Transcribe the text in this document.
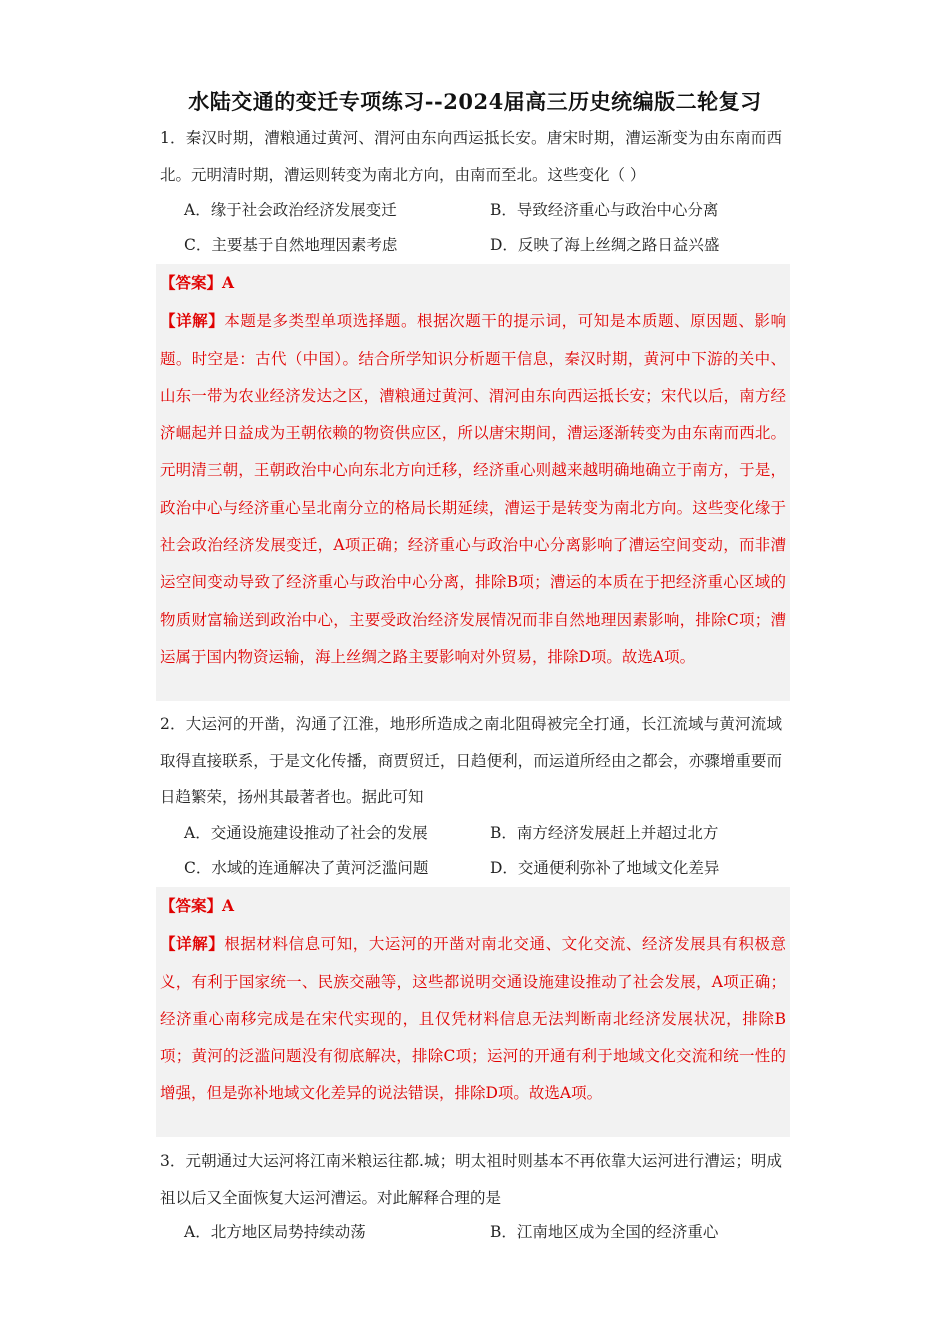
水陆交通的变迁专项练习--2024届高三历史统编版二轮复习
1．秦汉时期，漕粮通过黄河、渭河由东向西运抵长安。唐宋时期，漕运渐变为由东南而西北。元明清时期，漕运则转变为南北方向，由南而至北。这些变化（ ）
A．缘于社会政治经济发展变迁	B．导致经济重心与政治中心分离
C．主要基于自然地理因素考虑	D．反映了海上丝绸之路日益兴盛
【答案】A
【详解】本题是多类型单项选择题。根据次题干的提示词，可知是本质题、原因题、影响题。时空是：古代（中国）。结合所学知识分析题干信息，秦汉时期，黄河中下游的关中、山东一带为农业经济发达之区，漕粮通过黄河、渭河由东向西运抵长安；宋代以后，南方经济崛起并日益成为王朝依赖的物资供应区，所以唐宋期间，漕运逐渐转变为由东南而西北。元明清三朝，王朝政治中心向东北方向迁移，经济重心则越来越明确地确立于南方，于是，政治中心与经济重心呈北南分立的格局长期延续，漕运于是转变为南北方向。这些变化缘于社会政治经济发展变迁，A项正确；经济重心与政治中心分离影响了漕运空间变动，而非漕运空间变动导致了经济重心与政治中心分离，排除B项；漕运的本质在于把经济重心区域的物质财富输送到政治中心，主要受政治经济发展情况而非自然地理因素影响，排除C项；漕运属于国内物资运输，海上丝绸之路主要影响对外贸易，排除D项。故选A项。
2．大运河的开凿，沟通了江淮，地形所造成之南北阻碍被完全打通，长江流域与黄河流域取得直接联系，于是文化传播，商贾贸迁，日趋便利，而运道所经由之都会，亦骤增重要而日趋繁荣，扬州其最著者也。据此可知
A．交通设施建设推动了社会的发展	B．南方经济发展赶上并超过北方
C．水域的连通解决了黄河泛滥问题	D．交通便利弥补了地域文化差异
【答案】A
【详解】根据材料信息可知，大运河的开凿对南北交通、文化交流、经济发展具有积极意义，有利于国家统一、民族交融等，这些都说明交通设施建设推动了社会发展，A项正确；经济重心南移完成是在宋代实现的，且仅凭材料信息无法判断南北经济发展状况，排除B项；黄河的泛滥问题没有彻底解决，排除C项；运河的开通有利于地域文化交流和统一性的增强，但是弥补地域文化差异的说法错误，排除D项。故选A项。
3．元朝通过大运河将江南米粮运往都.城；明太祖时则基本不再依靠大运河进行漕运；明成祖以后又全面恢复大运河漕运。对此解释合理的是
A．北方地区局势持续动荡	B．江南地区成为全国的经济重心
